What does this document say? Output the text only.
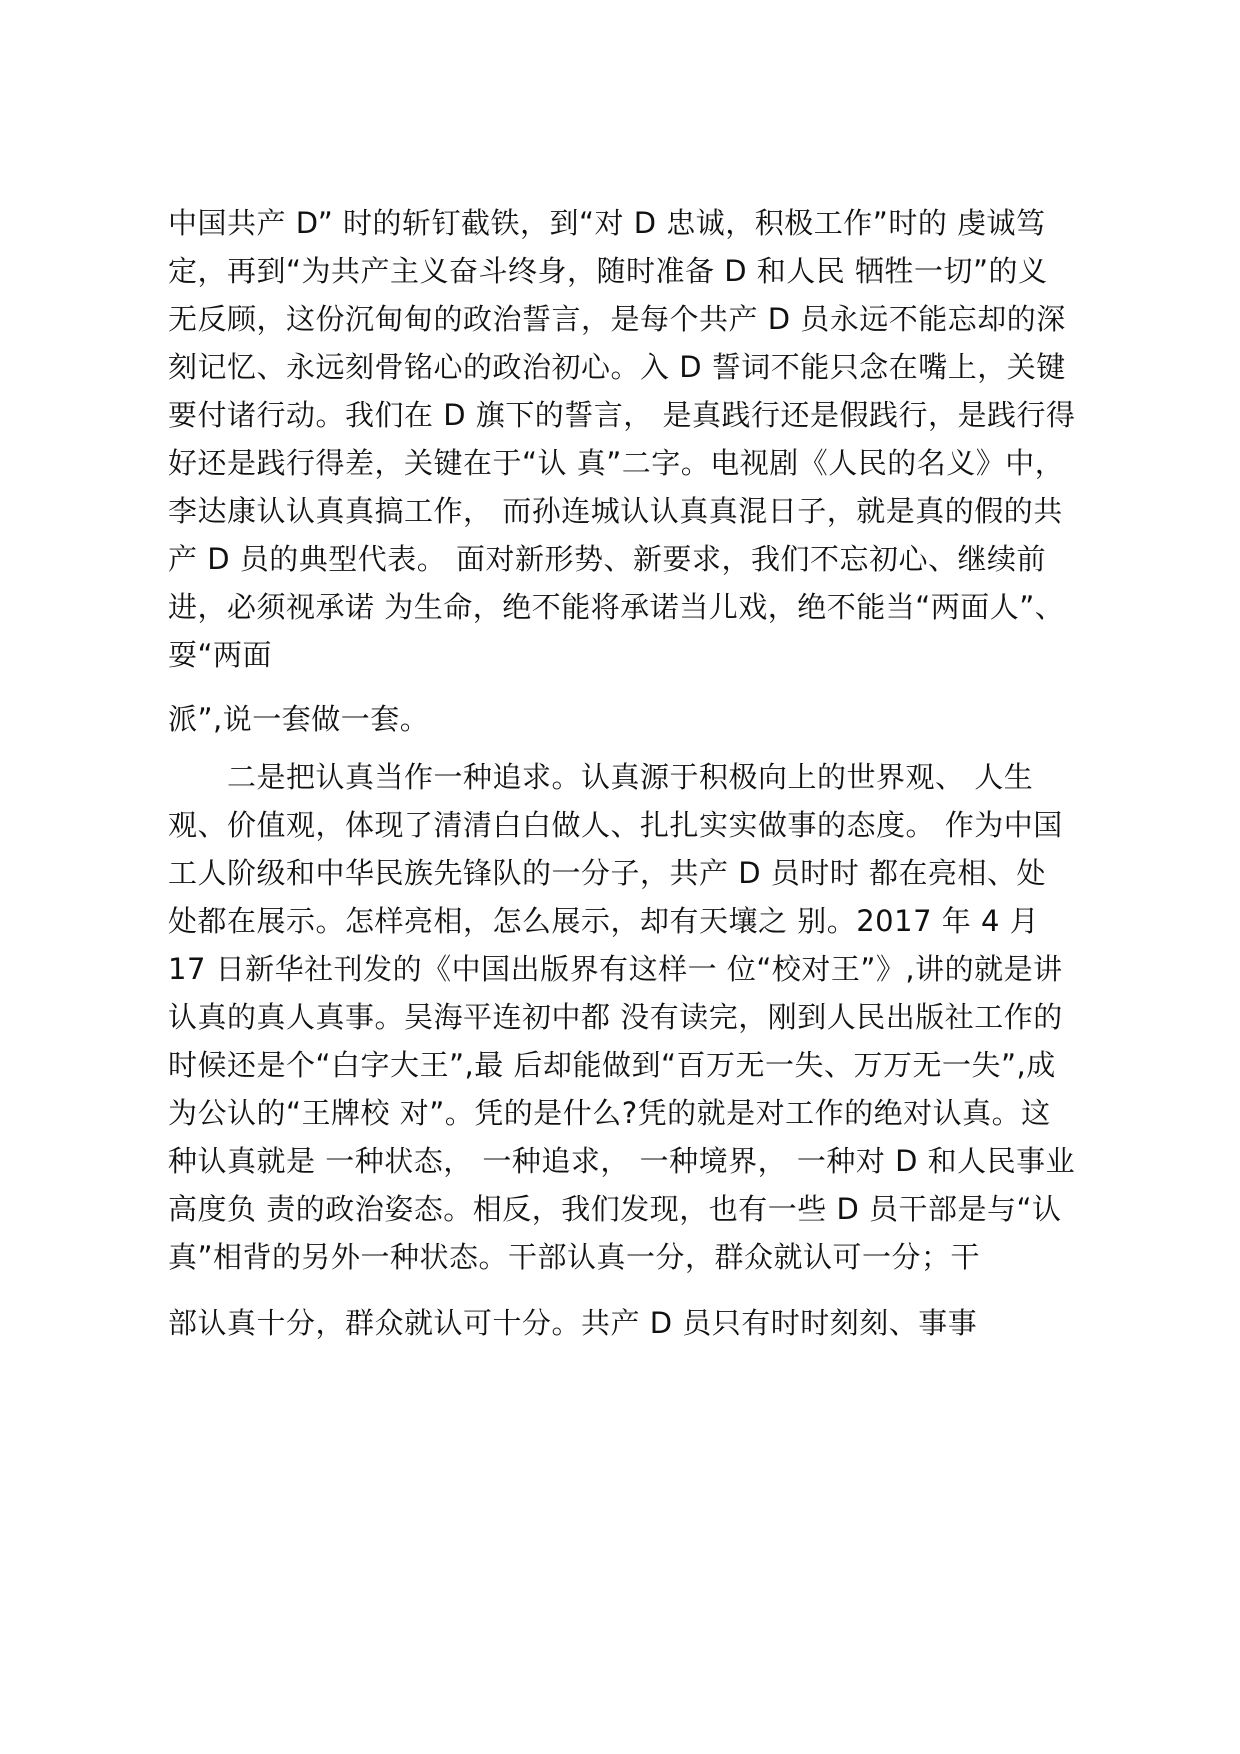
中国共产 D” 时的斩钉截铁，到“对 D 忠诚，积极工作”时的 虔诚笃
定，再到“为共产主义奋斗终身，随时准备 D 和人民 牺牲一切”的义
无反顾，这份沉甸甸的政治誓言，是每个共产 D 员永远不能忘却的深
刻记忆、永远刻骨铭心的政治初心。入 D 誓词不能只念在嘴上，关键
要付诸行动。我们在 D 旗下的誓言， 是真践行还是假践行，是践行得
好还是践行得差，关键在于“认 真”二字。电视剧《人民的名义》中，
李达康认认真真搞工作， 而孙连城认认真真混日子，就是真的假的共
产 D 员的典型代表。 面对新形势、新要求，我们不忘初心、继续前
进，必须视承诺 为生命，绝不能将承诺当儿戏，绝不能当“两面人”、
耍“两面
派”,说一套做一套。
　　二是把认真当作一种追求。认真源于积极向上的世界观、 人生
观、价值观，体现了清清白白做人、扎扎实实做事的态度。 作为中国
工人阶级和中华民族先锋队的一分子，共产 D 员时时 都在亮相、处
处都在展示。怎样亮相，怎么展示，却有天壤之 别。2017 年 4 月
17 日新华社刊发的《中国出版界有这样一 位“校对王”》,讲的就是讲
认真的真人真事。吴海平连初中都 没有读完，刚到人民出版社工作的
时候还是个“白字大王”,最 后却能做到“百万无一失、万万无一失”,成
为公认的“王牌校 对”。凭的是什么?凭的就是对工作的绝对认真。这
种认真就是 一种状态， 一种追求， 一种境界， 一种对 D 和人民事业
高度负 责的政治姿态。相反，我们发现，也有一些 D 员干部是与“认
真”相背的另外一种状态。干部认真一分，群众就认可一分；干
部认真十分，群众就认可十分。共产 D 员只有时时刻刻、事事
